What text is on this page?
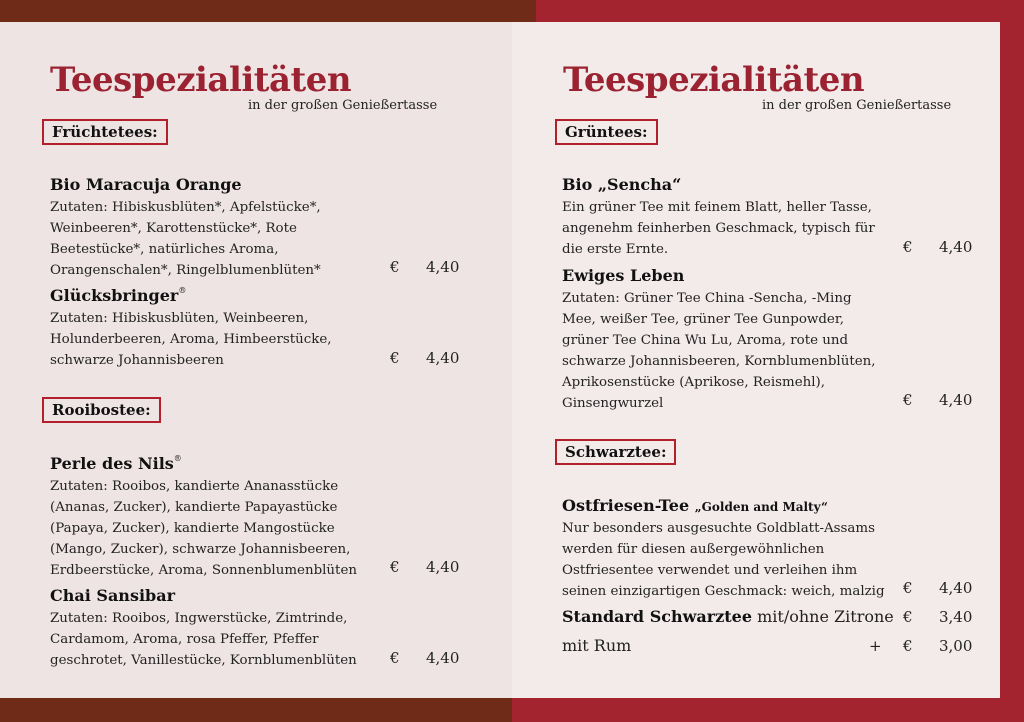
Teespezialitäten
in der großen Genießertasse
Früchtetees:
Bio Maracuja Orange
Zutaten: Hibiskusblüten*, Apfelstücke*,
Weinbeeren*, Karottenstücke*, Rote
Beetestücke*, natürliches Aroma,
Orangenschalen*, Ringelblumenblüten*	€ 4,40
Glücksbringer®
Zutaten: Hibiskusblüten, Weinbeeren,
Holunderbeeren, Aroma, Himbeerstücke,
schwarze Johannisbeeren	€ 4,40
Rooibostee:
Perle des Nils®
Zutaten: Rooibos, kandierte Ananasstücke
(Ananas, Zucker), kandierte Papayastücke
(Papaya, Zucker), kandierte Mangostücke
(Mango, Zucker), schwarze Johannisbeeren,
Erdbeerstücke, Aroma, Sonnenblumenblüten	€ 4,40
Chai Sansibar
Zutaten: Rooibos, Ingwerstücke, Zimtrinde,
Cardamom, Aroma, rosa Pfeffer, Pfeffer
geschrotet, Vanillestücke, Kornblumenblüten	€ 4,40
Teespezialitäten
in der großen Genießertasse
Grüntees:
Bio „Sencha“
Ein grüner Tee mit feinem Blatt, heller Tasse,
angenehm feinherben Geschmack, typisch für
die erste Ernte.	€ 4,40
Ewiges Leben
Zutaten: Grüner Tee China -Sencha, -Ming
Mee, weißer Tee, grüner Tee Gunpowder,
grüner Tee China Wu Lu, Aroma, rote und
schwarze Johannisbeeren, Kornblumenblüten,
Aprikosenstücke (Aprikose, Reismehl),
Ginsengwurzel	€ 4,40
Schwarztee:
Ostfriesen-Tee „Golden and Malty“
Nur besonders ausgesuchte Goldblatt-Assams
werden für diesen außergewöhnlichen
Ostfriesentee verwendet und verleihen ihm
seinen einzigartigen Geschmack: weich, malzig	€ 4,40
Standard Schwarztee mit/ohne Zitrone € 3,40
mit Rum	+ € 3,00
